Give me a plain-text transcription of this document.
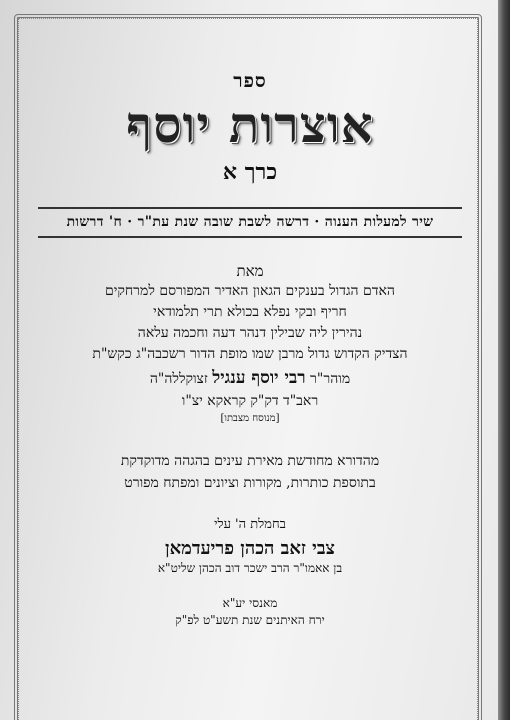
ספר
אוצרות יוסף
כרך א
שיר למעלות הענוה · דרשה לשבת שובה שנת עת"ר · ח' דרשות
מאת
האדם הגדול בענקים הגאון האדיר המפורסם למרחקים
חריף ובקי נפלא בכולא תרי תלמודאי
נהירין ליה שבילין דנהר דעה וחכמה עלאה
הצדיק הקדוש גדול מרבן שמו מופת הדור רשכבה"ג כקש"ת
מוהר"ר רבי יוסף ענגיל זצוקללה"ה
ראב"ד דק"ק קראקא יצ"ו
[מנוסח מצבתו]
מהדורא מחודשת מאירת עינים בהגהה מדוקדקת
בתוספת כותרות, מקורות וציונים ומפתח מפורט
בחמלת ה' עלי
צבי זאב הכהן פריעדמאן
בן אאמו"ר הרב ישכר דוב הכהן שליט"א
מאנסי יע"א
ירח האיתנים שנת תשע"ט לפ"ק
